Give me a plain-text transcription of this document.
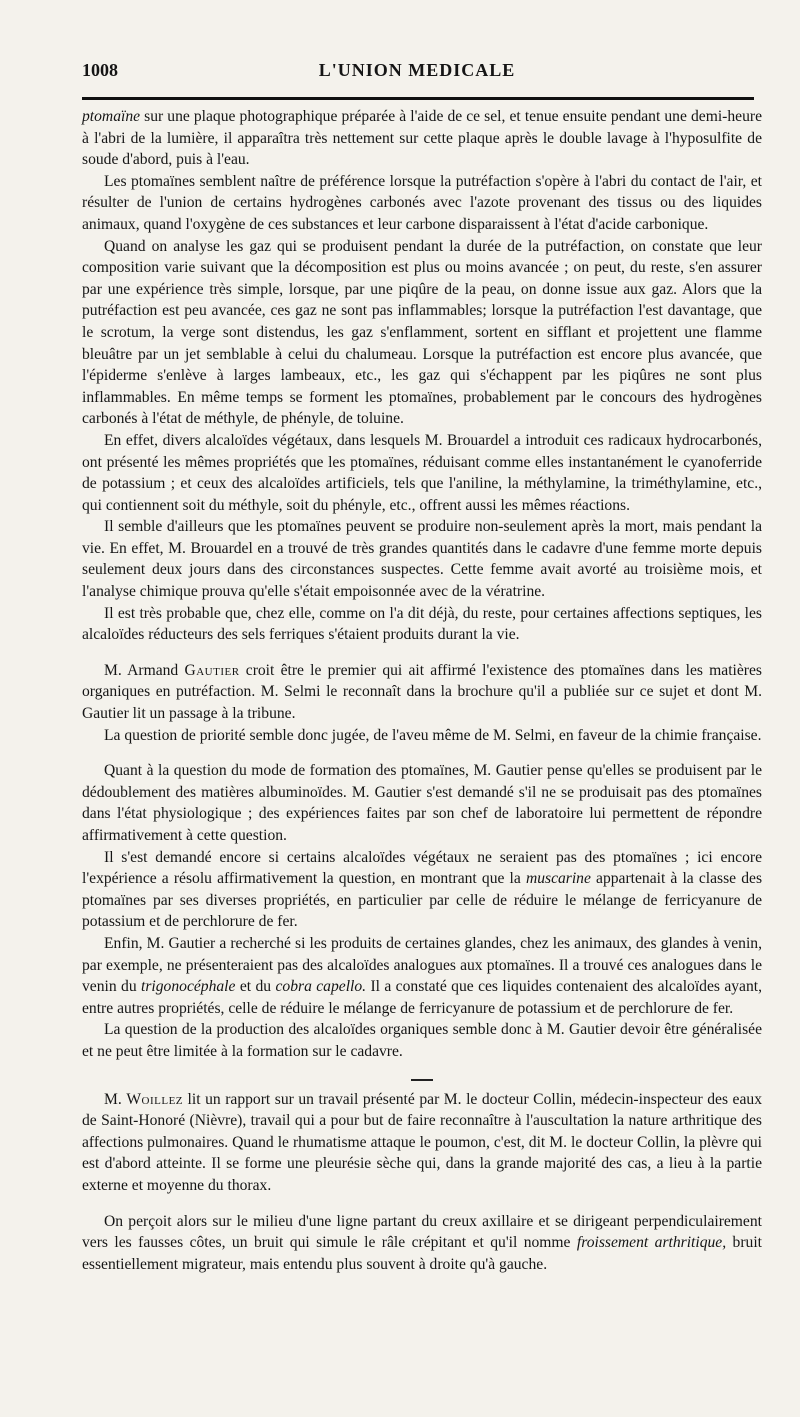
1008	L'UNION MEDICALE

ptomaïne sur une plaque photographique préparée à l'aide de ce sel, et tenue ensuite pendant une demi-heure à l'abri de la lumière, il apparaîtra très nettement sur cette plaque après le double lavage à l'hyposulfite de soude d'abord, puis à l'eau.

Les ptomaïnes semblent naître de préférence lorsque la putréfaction s'opère à l'abri du contact de l'air, et résulter de l'union de certains hydrogènes carbonés avec l'azote provenant des tissus ou des liquides animaux, quand l'oxygène de ces substances et leur carbone disparaissent à l'état d'acide carbonique.

Quand on analyse les gaz qui se produisent pendant la durée de la putréfaction, on constate que leur composition varie suivant que la décomposition est plus ou moins avancée ; on peut, du reste, s'en assurer par une expérience très simple, lorsque, par une piqûre de la peau, on donne issue aux gaz. Alors que la putréfaction est peu avancée, ces gaz ne sont pas inflammables; lorsque la putréfaction l'est davantage, que le scrotum, la verge sont distendus, les gaz s'enflamment, sortent en sifflant et projettent une flamme bleuâtre par un jet semblable à celui du chalumeau. Lorsque la putréfaction est encore plus avancée, que l'épiderme s'enlève à larges lambeaux, etc., les gaz qui s'échappent par les piqûres ne sont plus inflammables. En même temps se forment les ptomaïnes, probablement par le concours des hydrogènes carbonés à l'état de méthyle, de phényle, de toluine.

En effet, divers alcaloïdes végétaux, dans lesquels M. Brouardel a introduit ces radicaux hydrocarbonés, ont présenté les mêmes propriétés que les ptomaïnes, réduisant comme elles instantanément le cyanoferride de potassium ; et ceux des alcaloïdes artificiels, tels que l'aniline, la méthylamine, la triméthylamine, etc., qui contiennent soit du méthyle, soit du phényle, etc., offrent aussi les mêmes réactions.

Il semble d'ailleurs que les ptomaïnes peuvent se produire non-seulement après la mort, mais pendant la vie. En effet, M. Brouardel en a trouvé de très grandes quantités dans le cadavre d'une femme morte depuis seulement deux jours dans des circonstances suspectes. Cette femme avait avorté au troisième mois, et l'analyse chimique prouva qu'elle s'était empoisonnée avec de la vératrine.

Il est très probable que, chez elle, comme on l'a dit déjà, du reste, pour certaines affections septiques, les alcaloïdes réducteurs des sels ferriques s'étaient produits durant la vie.

M. Armand Gautier croit être le premier qui ait affirmé l'existence des ptomaïnes dans les matières organiques en putréfaction. M. Selmi le reconnaît dans la brochure qu'il a publiée sur ce sujet et dont M. Gautier lit un passage à la tribune.

La question de priorité semble donc jugée, de l'aveu même de M. Selmi, en faveur de la chimie française.

Quant à la question du mode de formation des ptomaïnes, M. Gautier pense qu'elles se produisent par le dédoublement des matières albuminoïdes. M. Gautier s'est demandé s'il ne se produisait pas des ptomaïnes dans l'état physiologique ; des expériences faites par son chef de laboratoire lui permettent de répondre affirmativement à cette question.

Il s'est demandé encore si certains alcaloïdes végétaux ne seraient pas des ptomaïnes ; ici encore l'expérience a résolu affirmativement la question, en montrant que la muscarine appartenait à la classe des ptomaïnes par ses diverses propriétés, en particulier par celle de réduire le mélange de ferricyanure de potassium et de perchlorure de fer.

Enfin, M. Gautier a recherché si les produits de certaines glandes, chez les animaux, des glandes à venin, par exemple, ne présenteraient pas des alcaloïdes analogues aux ptomaïnes. Il a trouvé ces analogues dans le venin du trigonocéphale et du cobra capello. Il a constaté que ces liquides contenaient des alcaloïdes ayant, entre autres propriétés, celle de réduire le mélange de ferricyanure de potassium et de perchlorure de fer.

La question de la production des alcaloïdes organiques semble donc à M. Gautier devoir être généralisée et ne peut être limitée à la formation sur le cadavre.

M. Woillez lit un rapport sur un travail présenté par M. le docteur Collin, médecin-inspecteur des eaux de Saint-Honoré (Nièvre), travail qui a pour but de faire reconnaître à l'auscultation la nature arthritique des affections pulmonaires. Quand le rhumatisme attaque le poumon, c'est, dit M. le docteur Collin, la plèvre qui est d'abord atteinte. Il se forme une pleurésie sèche qui, dans la grande majorité des cas, a lieu à la partie externe et moyenne du thorax.

On perçoit alors sur le milieu d'une ligne partant du creux axillaire et se dirigeant perpendiculairement vers les fausses côtes, un bruit qui simule le râle crépitant et qu'il nomme froissement arthritique, bruit essentiellement migrateur, mais entendu plus souvent à droite qu'à gauche.
